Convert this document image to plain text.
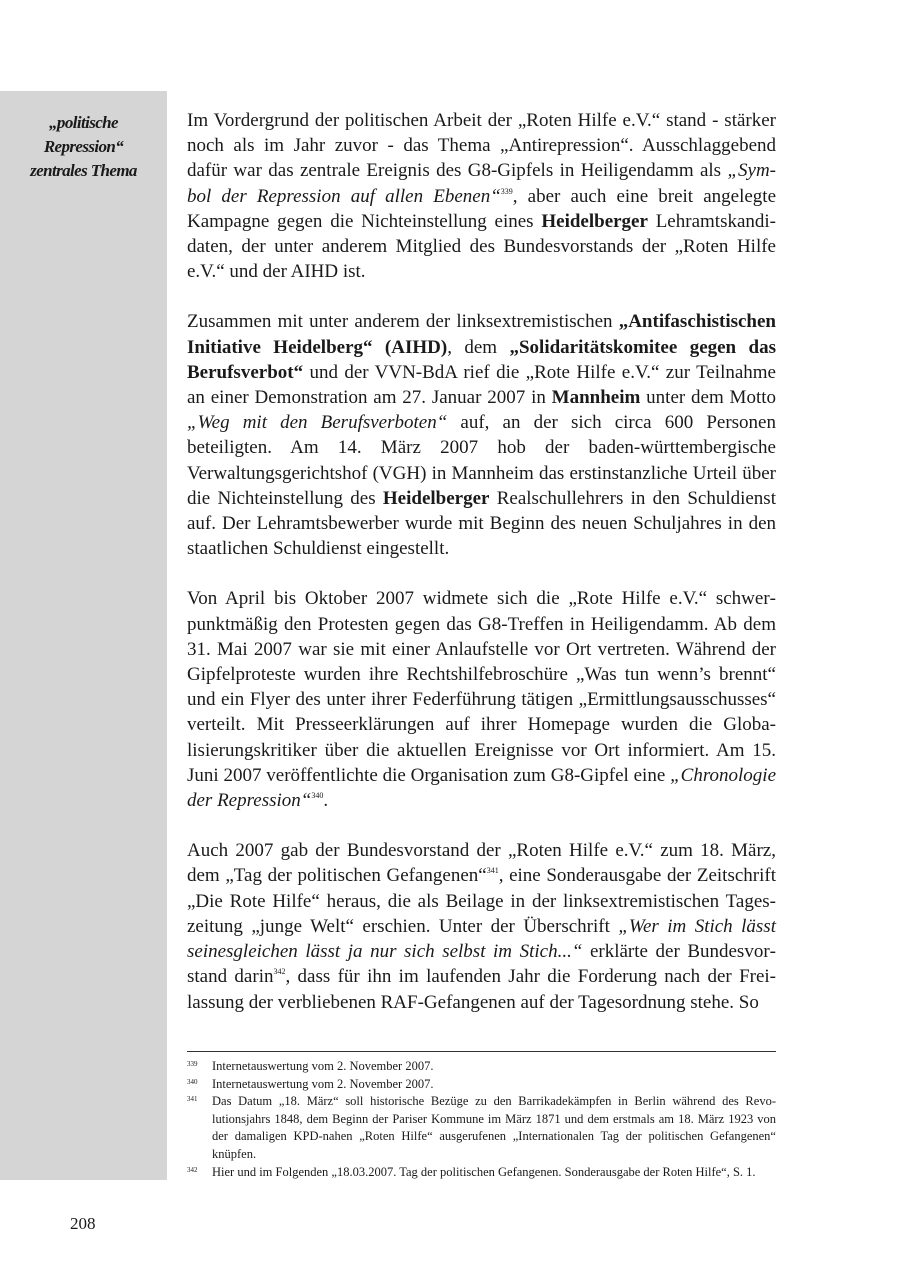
„politische
Repression“
zentrales Thema

Im Vordergrund der politischen Arbeit der „Roten Hilfe e.V.“ stand - stärker noch als im Jahr zuvor - das Thema „Antirepression“. Ausschlaggebend dafür war das zentrale Ereignis des G8-Gipfels in Heiligendamm als „Symbol der Repression auf allen Ebenen“$^{339}$, aber auch eine breit angelegte Kampagne gegen die Nichteinstellung eines Heidelberger Lehramtskandidaten, der unter anderem Mitglied des Bundesvorstands der „Roten Hilfe e.V.“ und der AIHD ist.

Zusammen mit unter anderem der linksextremistischen „Antifaschistischen Initiative Heidelberg“ (AIHD), dem „Solidaritätskomitee gegen das Berufsverbot“ und der VVN-BdA rief die „Rote Hilfe e.V.“ zur Teilnahme an einer Demonstration am 27. Januar 2007 in Mannheim unter dem Motto „Weg mit den Berufsverboten“ auf, an der sich circa 600 Personen beteiligten. Am 14. März 2007 hob der baden-württembergische Verwaltungsgerichtshof (VGH) in Mannheim das erstinstanzliche Urteil über die Nichteinstellung des Heidelberger Realschullehrers in den Schuldienst auf. Der Lehramtsbewerber wurde mit Beginn des neuen Schuljahres in den staatlichen Schuldienst eingestellt.

Von April bis Oktober 2007 widmete sich die „Rote Hilfe e.V.“ schwerpunktmäßig den Protesten gegen das G8-Treffen in Heiligendamm. Ab dem 31. Mai 2007 war sie mit einer Anlaufstelle vor Ort vertreten. Während der Gipfelproteste wurden ihre Rechtshilfebroschüre „Was tun wenn’s brennt“ und ein Flyer des unter ihrer Federführung tätigen „Ermittlungsausschusses“ verteilt. Mit Presseerklärungen auf ihrer Homepage wurden die Globalisierungskritiker über die aktuellen Ereignisse vor Ort informiert. Am 15. Juni 2007 veröffentlichte die Organisation zum G8-Gipfel eine „Chronologie der Repression“$^{340}$.

Auch 2007 gab der Bundesvorstand der „Roten Hilfe e.V.“ zum 18. März, dem „Tag der politischen Gefangenen“$^{341}$, eine Sonderausgabe der Zeitschrift „Die Rote Hilfe“ heraus, die als Beilage in der linksextremistischen Tageszeitung „junge Welt“ erschien. Unter der Überschrift „Wer im Stich lässt seinesgleichen lässt ja nur sich selbst im Stich...“ erklärte der Bundesvorstand darin$^{342}$, dass für ihn im laufenden Jahr die Forderung nach der Freilassung der verbliebenen RAF-Gefangenen auf der Tagesordnung stehe. So

339	Internetauswertung vom 2. November 2007.
340	Internetauswertung vom 2. November 2007.
341	Das Datum „18. März“ soll historische Bezüge zu den Barrikadekämpfen in Berlin während des Revolutionsjahrs 1848, dem Beginn der Pariser Kommune im März 1871 und dem erstmals am 18. März 1923 von der damaligen KPD-nahen „Roten Hilfe“ ausgerufenen „Internationalen Tag der politischen Gefangenen“ knüpfen.
342	Hier und im Folgenden „18.03.2007. Tag der politischen Gefangenen. Sonderausgabe der Roten Hilfe“, S. 1.
208
